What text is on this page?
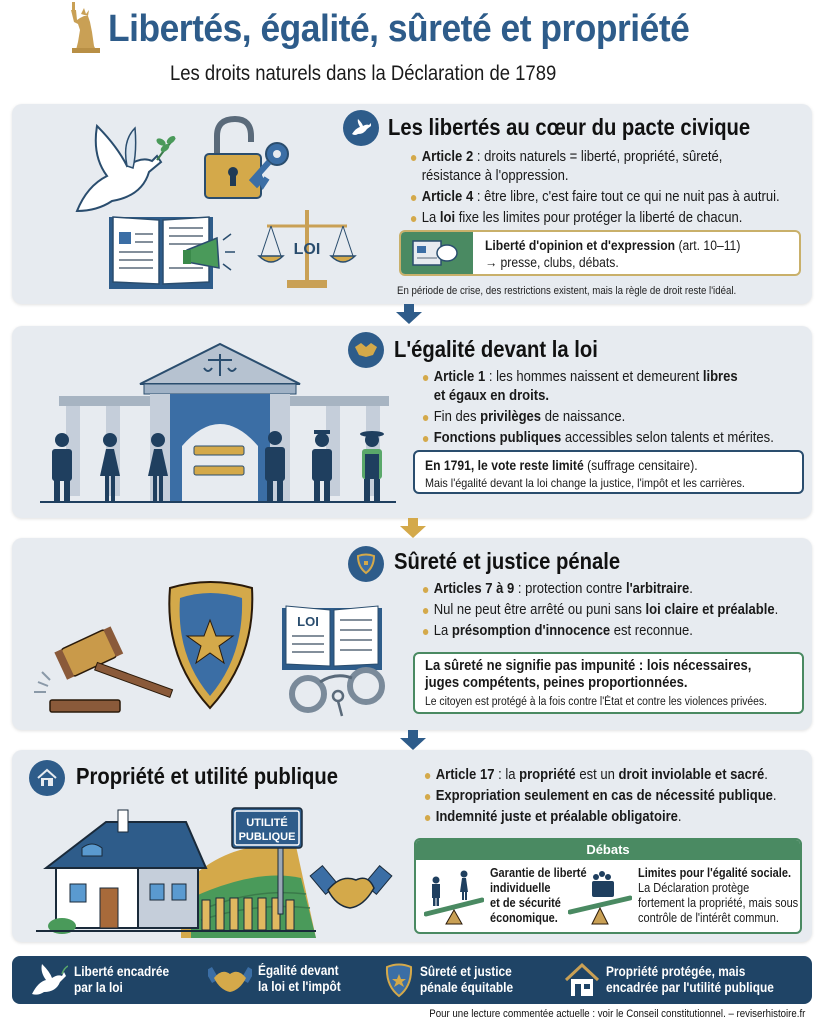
Libertés, égalité, sûreté et propriété
Les droits naturels dans la Déclaration de 1789
LOI
Les libertés au cœur du pacte civique
Article 2 : droits naturels = liberté, propriété, sûreté,
résistance à l'oppression.
Article 4 : être libre, c'est faire tout ce qui ne nuit pas à autrui.
La loi fixe les limites pour protéger la liberté de chacun.
Liberté d'opinion et d'expression (art. 10–11)
→ presse, clubs, débats.
En période de crise, des restrictions existent, mais la règle de droit reste l'idéal.
L'égalité devant la loi
Article 1 : les hommes naissent et demeurent libres
et égaux en droits.
Fin des privilèges de naissance.
Fonctions publiques accessibles selon talents et mérites.
En 1791, le vote reste limité (suffrage censitaire).
Mais l'égalité devant la loi change la justice, l'impôt et les carrières.
LOI
Sûreté et justice pénale
Articles 7 à 9 : protection contre l'arbitraire.
Nul ne peut être arrêté ou puni sans loi claire et préalable.
La présomption d'innocence est reconnue.
La sûreté ne signifie pas impunité : lois nécessaires,
juges compétents, peines proportionnées.
Le citoyen est protégé à la fois contre l'État et contre les violences privées.
Propriété et utilité publique
UTILITÉ
PUBLIQUE
Article 17 : la propriété est un droit inviolable et sacré.
Expropriation seulement en cas de nécessité publique.
Indemnité juste et préalable obligatoire.
Débats
Garantie de liberté
individuelle
et de sécurité
économique.
Limites pour l'égalité sociale.
La Déclaration protège
fortement la propriété, mais sous
contrôle de l'intérêt commun.
Liberté encadrée
par la loi
Égalité devant
la loi et l'impôt
Sûreté et justice
pénale équitable
Propriété protégée, mais
encadrée par l'utilité publique
Pour une lecture commentée actuelle : voir le Conseil constitutionnel. – reviserhistoire.fr
